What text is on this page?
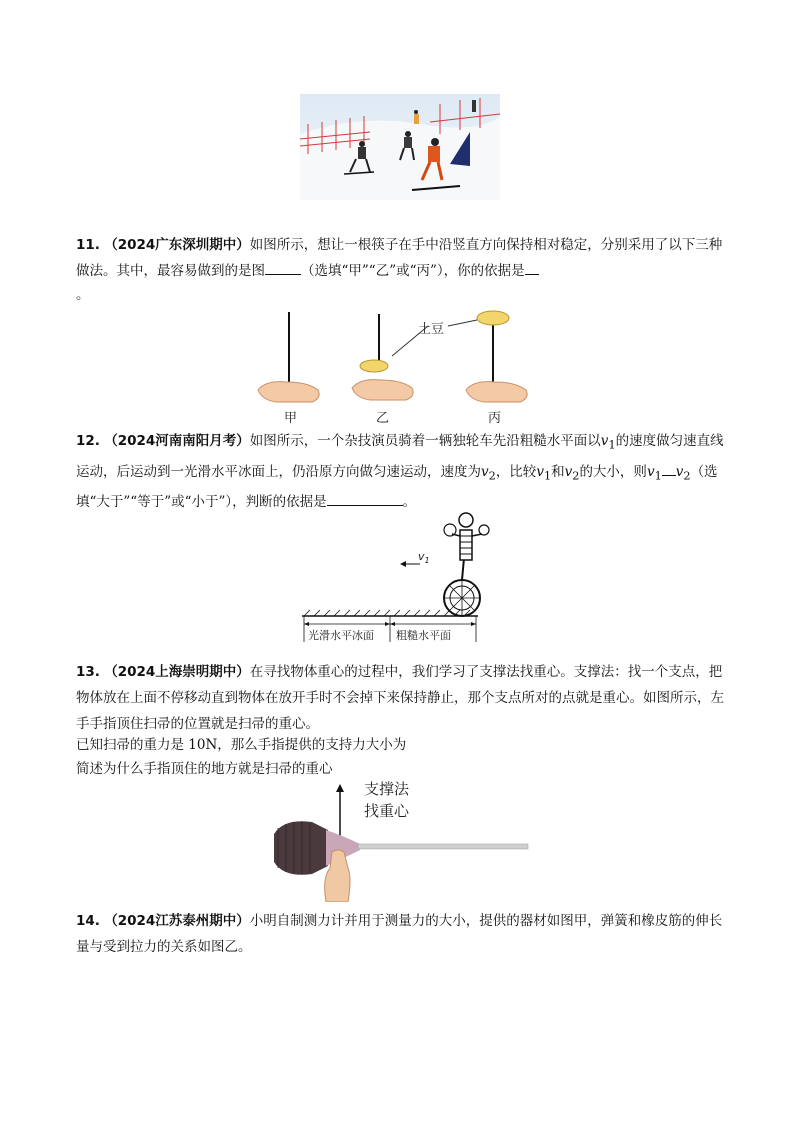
11. （2024广东深圳期中）如图所示，想让一根筷子在手中沿竖直方向保持相对稳定，分别采用了以下三种做法。其中，最容易做到的是图	（选填“甲”“乙”或“丙”），你的依据是
。
土豆
甲	乙	丙
12. （2024河南南阳月考）如图所示，一个杂技演员骑着一辆独轮车先沿粗糙水平面以$v_1$的速度做匀速直线运动，后运动到一光滑水平冰面上，仍沿原方向做匀速运动，速度为$v_2$，比较$v_1$和$v_2$的大小，则$v_1$ $v_2$（选填“大于”“等于”或“小于”），判断的依据是	。
$v_1$
光滑水平冰面 粗糙水平面
13. （2024上海崇明期中）在寻找物体重心的过程中，我们学习了支撑法找重心。支撑法：找一个支点，把物体放在上面不停移动直到物体在放开手时不会掉下来保持静止，那个支点所对的点就是重心。如图所示，左手手指顶住扫帚的位置就是扫帚的重心。
已知扫帚的重力是 10N，那么手指提供的支持力大小为
简述为什么手指顶住的地方就是扫帚的重心
支撑法
找重心
14. （2024江苏泰州期中）小明自制测力计并用于测量力的大小，提供的器材如图甲，弹簧和橡皮筋的伸长量与受到拉力的关系如图乙。
